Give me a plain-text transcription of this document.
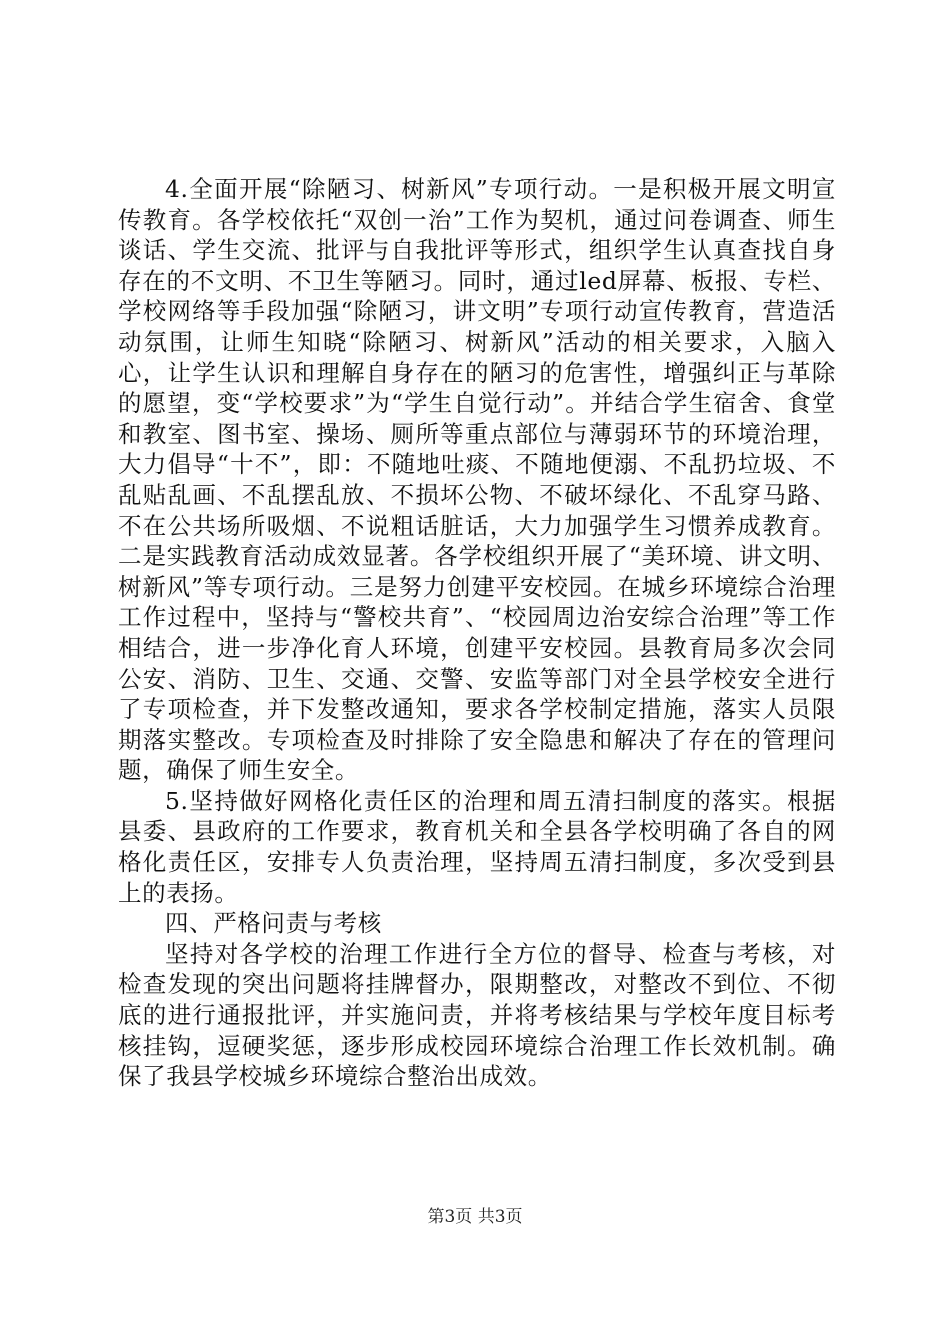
4.全面开展“除陋习、树新风”专项行动。一是积极开展文明宣传教育。各学校依托“双创一治”工作为契机，通过问卷调查、师生谈话、学生交流、批评与自我批评等形式，组织学生认真查找自身存在的不文明、不卫生等陋习。同时，通过led屏幕、板报、专栏、学校网络等手段加强“除陋习，讲文明”专项行动宣传教育，营造活动氛围，让师生知晓“除陋习、树新风”活动的相关要求，入脑入心，让学生认识和理解自身存在的陋习的危害性，增强纠正与革除的愿望，变“学校要求”为“学生自觉行动”。并结合学生宿舍、食堂和教室、图书室、操场、厕所等重点部位与薄弱环节的环境治理，大力倡导“十不”，即：不随地吐痰、不随地便溺、不乱扔垃圾、不乱贴乱画、不乱摆乱放、不损坏公物、不破坏绿化、不乱穿马路、不在公共场所吸烟、不说粗话脏话，大力加强学生习惯养成教育。二是实践教育活动成效显著。各学校组织开展了“美环境、讲文明、树新风”等专项行动。三是努力创建平安校园。在城乡环境综合治理工作过程中，坚持与“警校共育”、“校园周边治安综合治理”等工作相结合，进一步净化育人环境，创建平安校园。县教育局多次会同公安、消防、卫生、交通、交警、安监等部门对全县学校安全进行了专项检查，并下发整改通知，要求各学校制定措施，落实人员限期落实整改。专项检查及时排除了安全隐患和解决了存在的管理问题，确保了师生安全。

5.坚持做好网格化责任区的治理和周五清扫制度的落实。根据县委、县政府的工作要求，教育机关和全县各学校明确了各自的网格化责任区，安排专人负责治理，坚持周五清扫制度，多次受到县上的表扬。

四、严格问责与考核

坚持对各学校的治理工作进行全方位的督导、检查与考核，对检查发现的突出问题将挂牌督办，限期整改，对整改不到位、不彻底的进行通报批评，并实施问责，并将考核结果与学校年度目标考核挂钩，逗硬奖惩，逐步形成校园环境综合治理工作长效机制。确保了我县学校城乡环境综合整治出成效。

第3页 共3页
